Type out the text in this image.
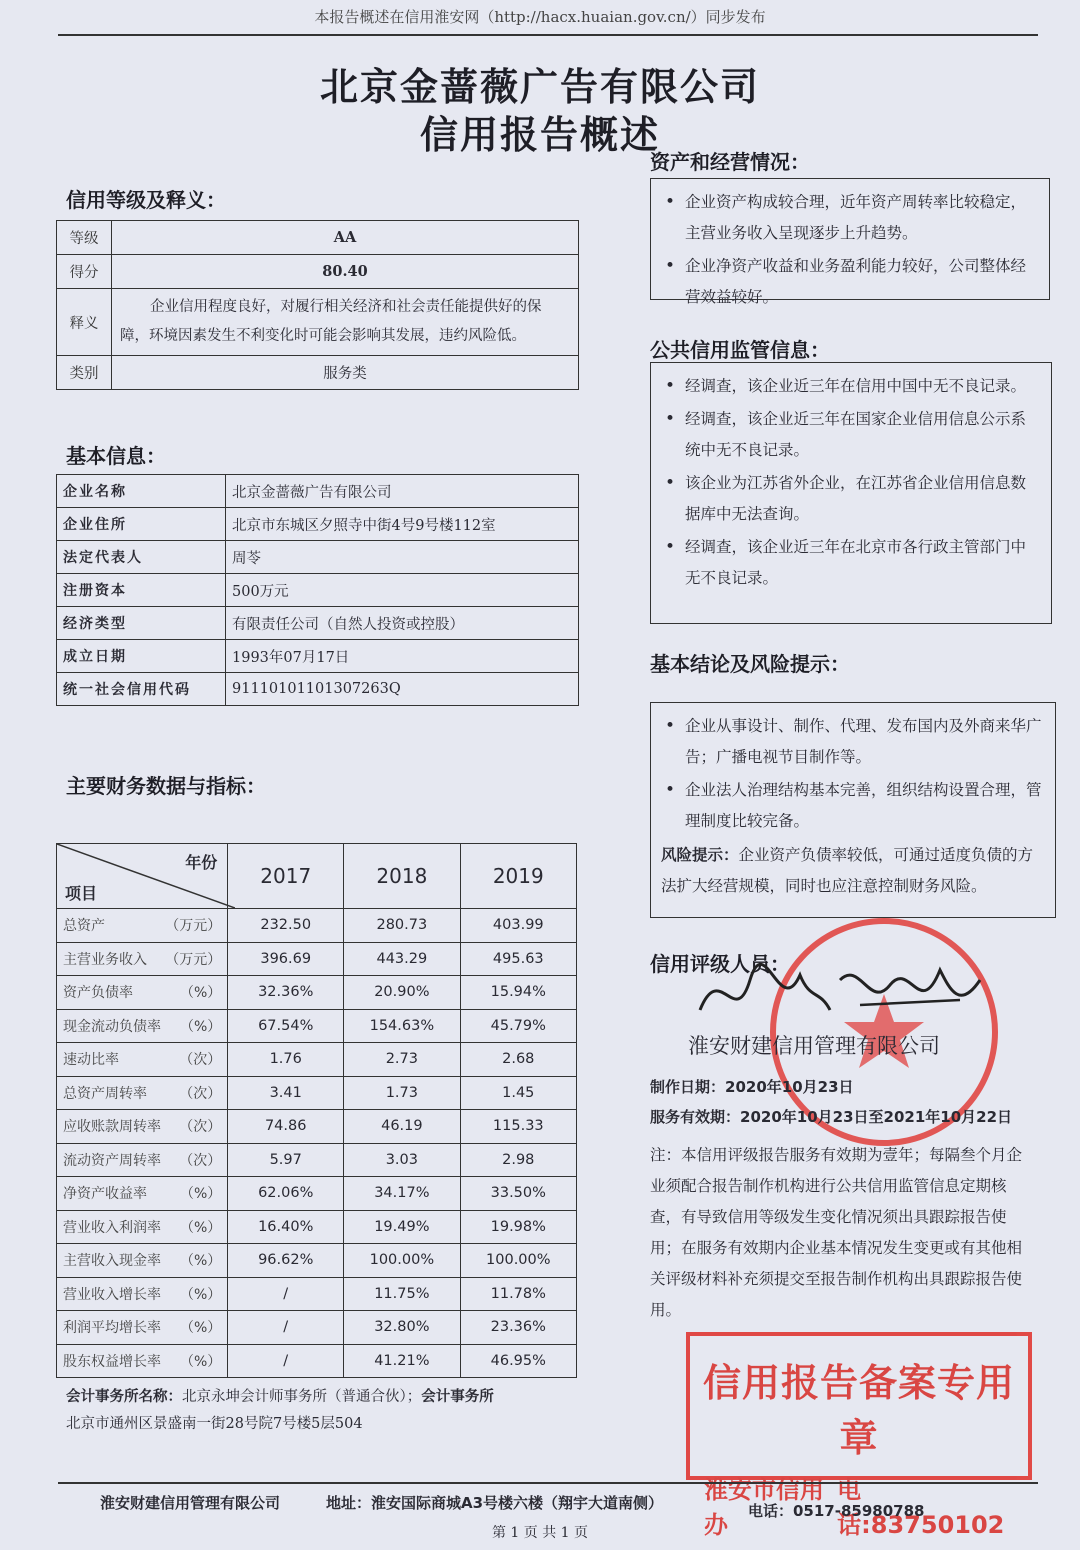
本报告概述在信用淮安网（http://hacx.huaian.gov.cn/）同步发布
北京金蔷薇广告有限公司
信用报告概述
信用等级及释义：
等级	AA
得分	80.40
释义	企业信用程度良好，对履行相关经济和社会责任能提供好的保障，环境因素发生不利变化时可能会影响其发展，违约风险低。
类别	服务类
基本信息：
企业名称	北京金蔷薇广告有限公司
企业住所	北京市东城区夕照寺中街4号9号楼112室
法定代表人	周苓
注册资本	500万元
经济类型	有限责任公司（自然人投资或控股）
成立日期	1993年07月17日
统一社会信用代码	91110101101307263Q
主要财务数据与指标：
年份
项目	2017	2018	2019
总资产 （万元）	232.50	280.73	403.99
主营业务收入 （万元）	396.69	443.29	495.63
资产负债率 （%）	32.36%	20.90%	15.94%
现金流动负债率 （%）	67.54%	154.63%	45.79%
速动比率 （次）	1.76	2.73	2.68
总资产周转率 （次）	3.41	1.73	1.45
应收账款周转率 （次）	74.86	46.19	115.33
流动资产周转率 （次）	5.97	3.03	2.98
净资产收益率 （%）	62.06%	34.17%	33.50%
营业收入利润率 （%）	16.40%	19.49%	19.98%
主营收入现金率 （%）	96.62%	100.00%	100.00%
营业收入增长率 （%）	/	11.75%	11.78%
利润平均增长率 （%）	/	32.80%	23.36%
股东权益增长率 （%）	/	41.21%	46.95%
会计事务所名称：北京永坤会计师事务所（普通合伙）；会计事务所
北京市通州区景盛南一街28号院7号楼5层504
资产和经营情况：
• 企业资产构成较合理，近年资产周转率比较稳定，主营业务收入呈现逐步上升趋势。
• 企业净资产收益和业务盈利能力较好，公司整体经营效益较好。
公共信用监管信息：
• 经调查，该企业近三年在信用中国中无不良记录。
• 经调查，该企业近三年在国家企业信用信息公示系统中无不良记录。
• 该企业为江苏省外企业，在江苏省企业信用信息数据库中无法查询。
• 经调查，该企业近三年在北京市各行政主管部门中无不良记录。
基本结论及风险提示：
• 企业从事设计、制作、代理、发布国内及外商来华广告；广播电视节目制作等。
• 企业法人治理结构基本完善，组织结构设置合理，管理制度比较完备。
风险提示：企业资产负债率较低，可通过适度负债的方法扩大经营规模，同时也应注意控制财务风险。
信用评级人员：
淮安财建信用管理有限公司
制作日期：2020年10月23日
服务有效期：2020年10月23日至2021年10月22日
注：本信用评级报告服务有效期为壹年；每隔叁个月企业须配合报告制作机构进行公共信用监管信息定期核查，有导致信用等级发生变化情况须出具跟踪报告使用；在服务有效期内企业基本情况发生变更或有其他相关评级材料补充须提交至报告制作机构出具跟踪报告使用。
信用报告备案专用章
淮安市信用办
电话:83750102
淮安财建信用管理有限公司	地址：淮安国际商城A3号楼六楼（翔宇大道南侧）	电话：0517-85980788
第 1 页 共 1 页
